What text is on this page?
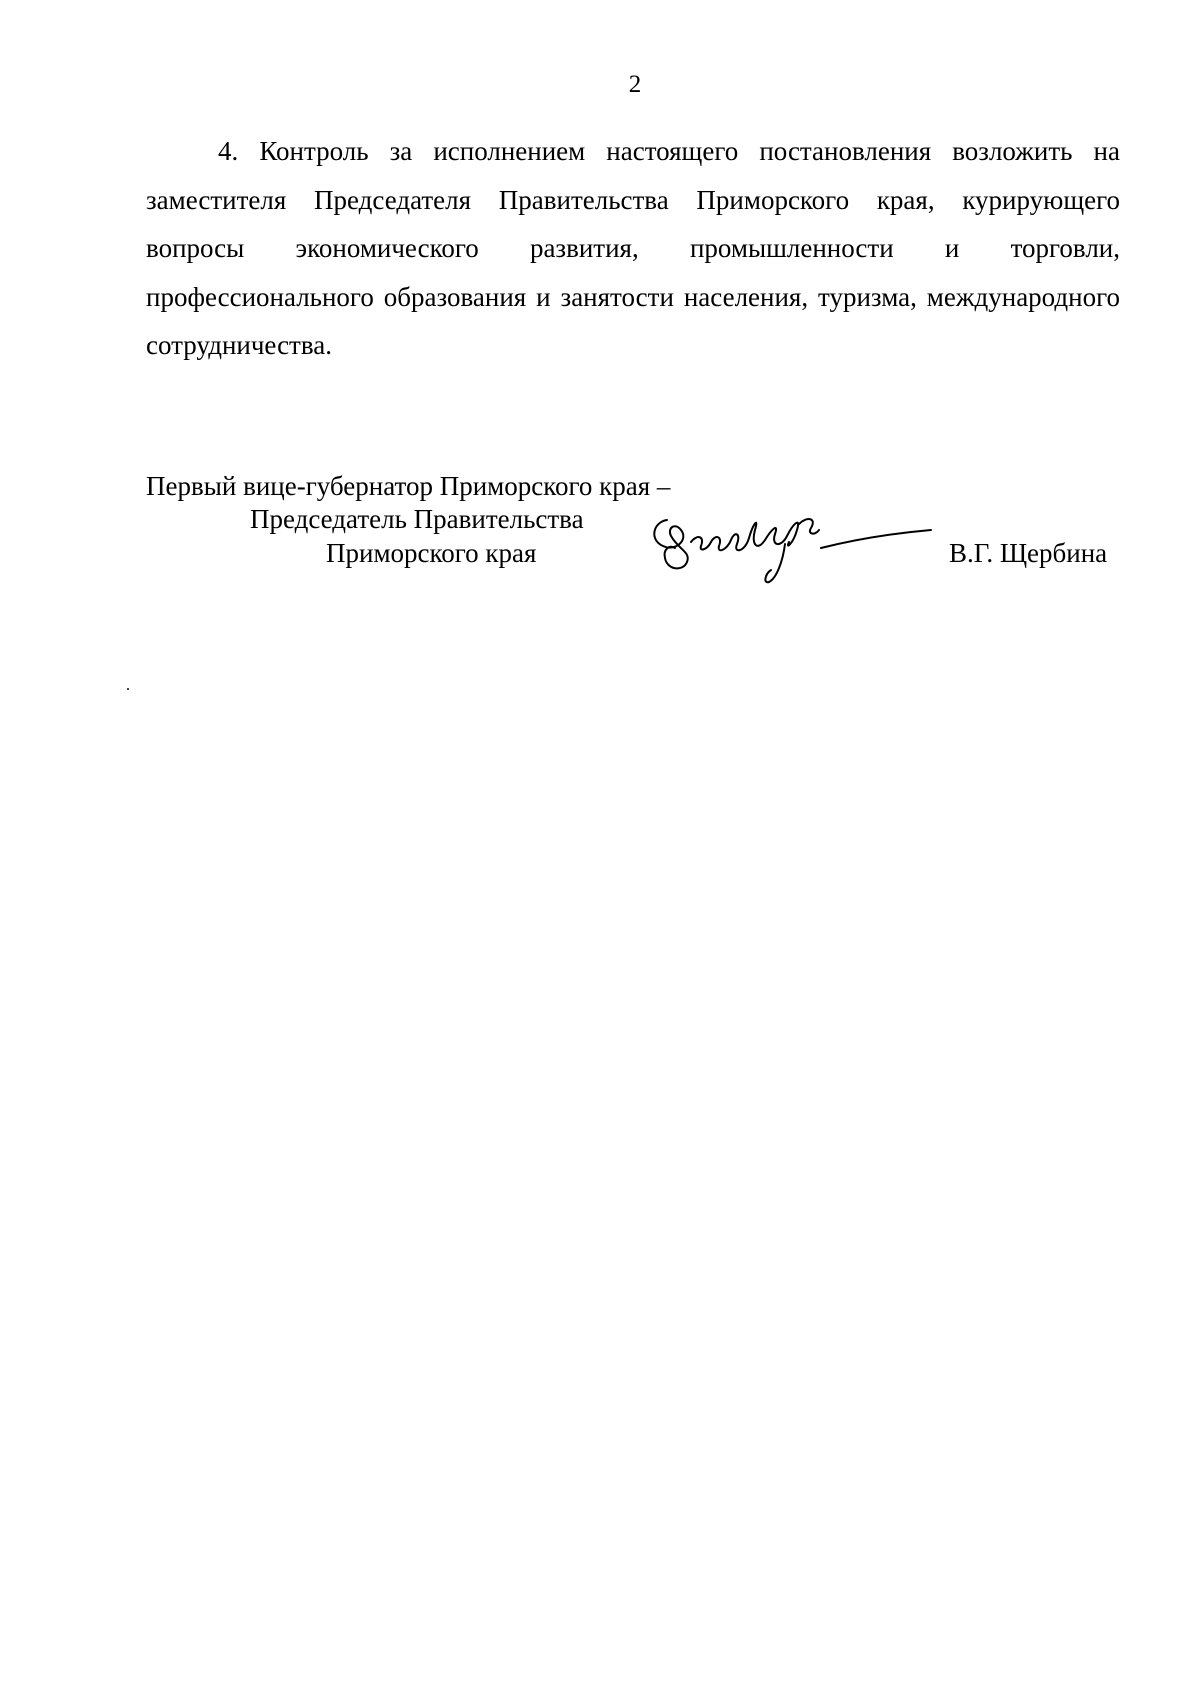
2

4. Контроль за исполнением настоящего постановления возложить на заместителя Председателя Правительства Приморского края, курирующего вопросы экономического развития, промышленности и торговли, профессионального образования и занятости населения, туризма, международного сотрудничества.

Первый вице-губернатор Приморского края –
Председатель Правительства
Приморского края	В.Г. Щербина
